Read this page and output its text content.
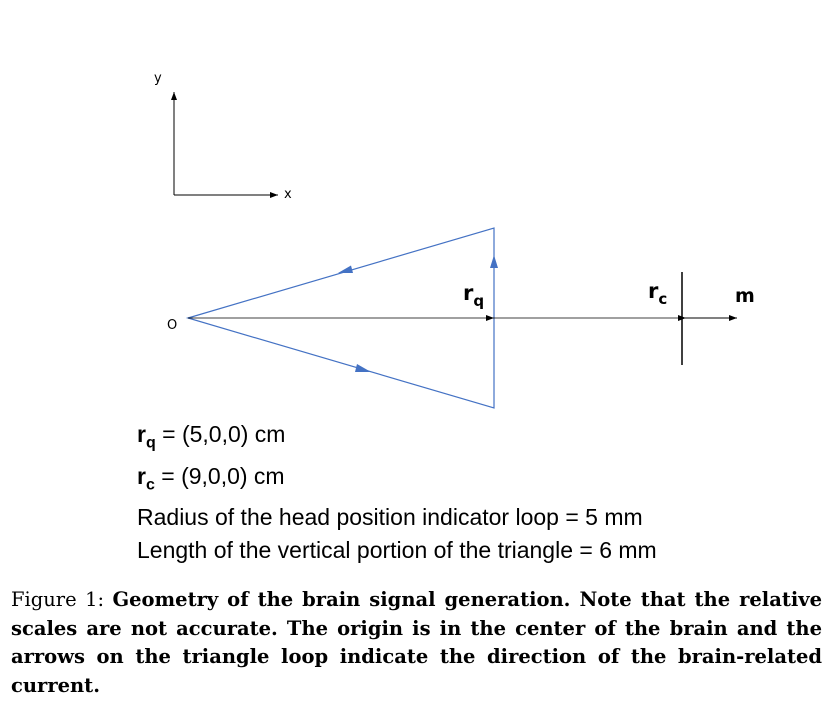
y
x
O
$r_q$	$r_c$	m
$r_q = (5,0,0)$ cm
$r_c = (9,0,0)$ cm
Radius of the head position indicator loop = 5 mm
Length of the vertical portion of the triangle = 6 mm
Figure 1: Geometry of the brain signal generation. Note that the relative scales are not accurate. The origin is in the center of the brain and the arrows on the triangle loop indicate the direction of the brain-related current.
